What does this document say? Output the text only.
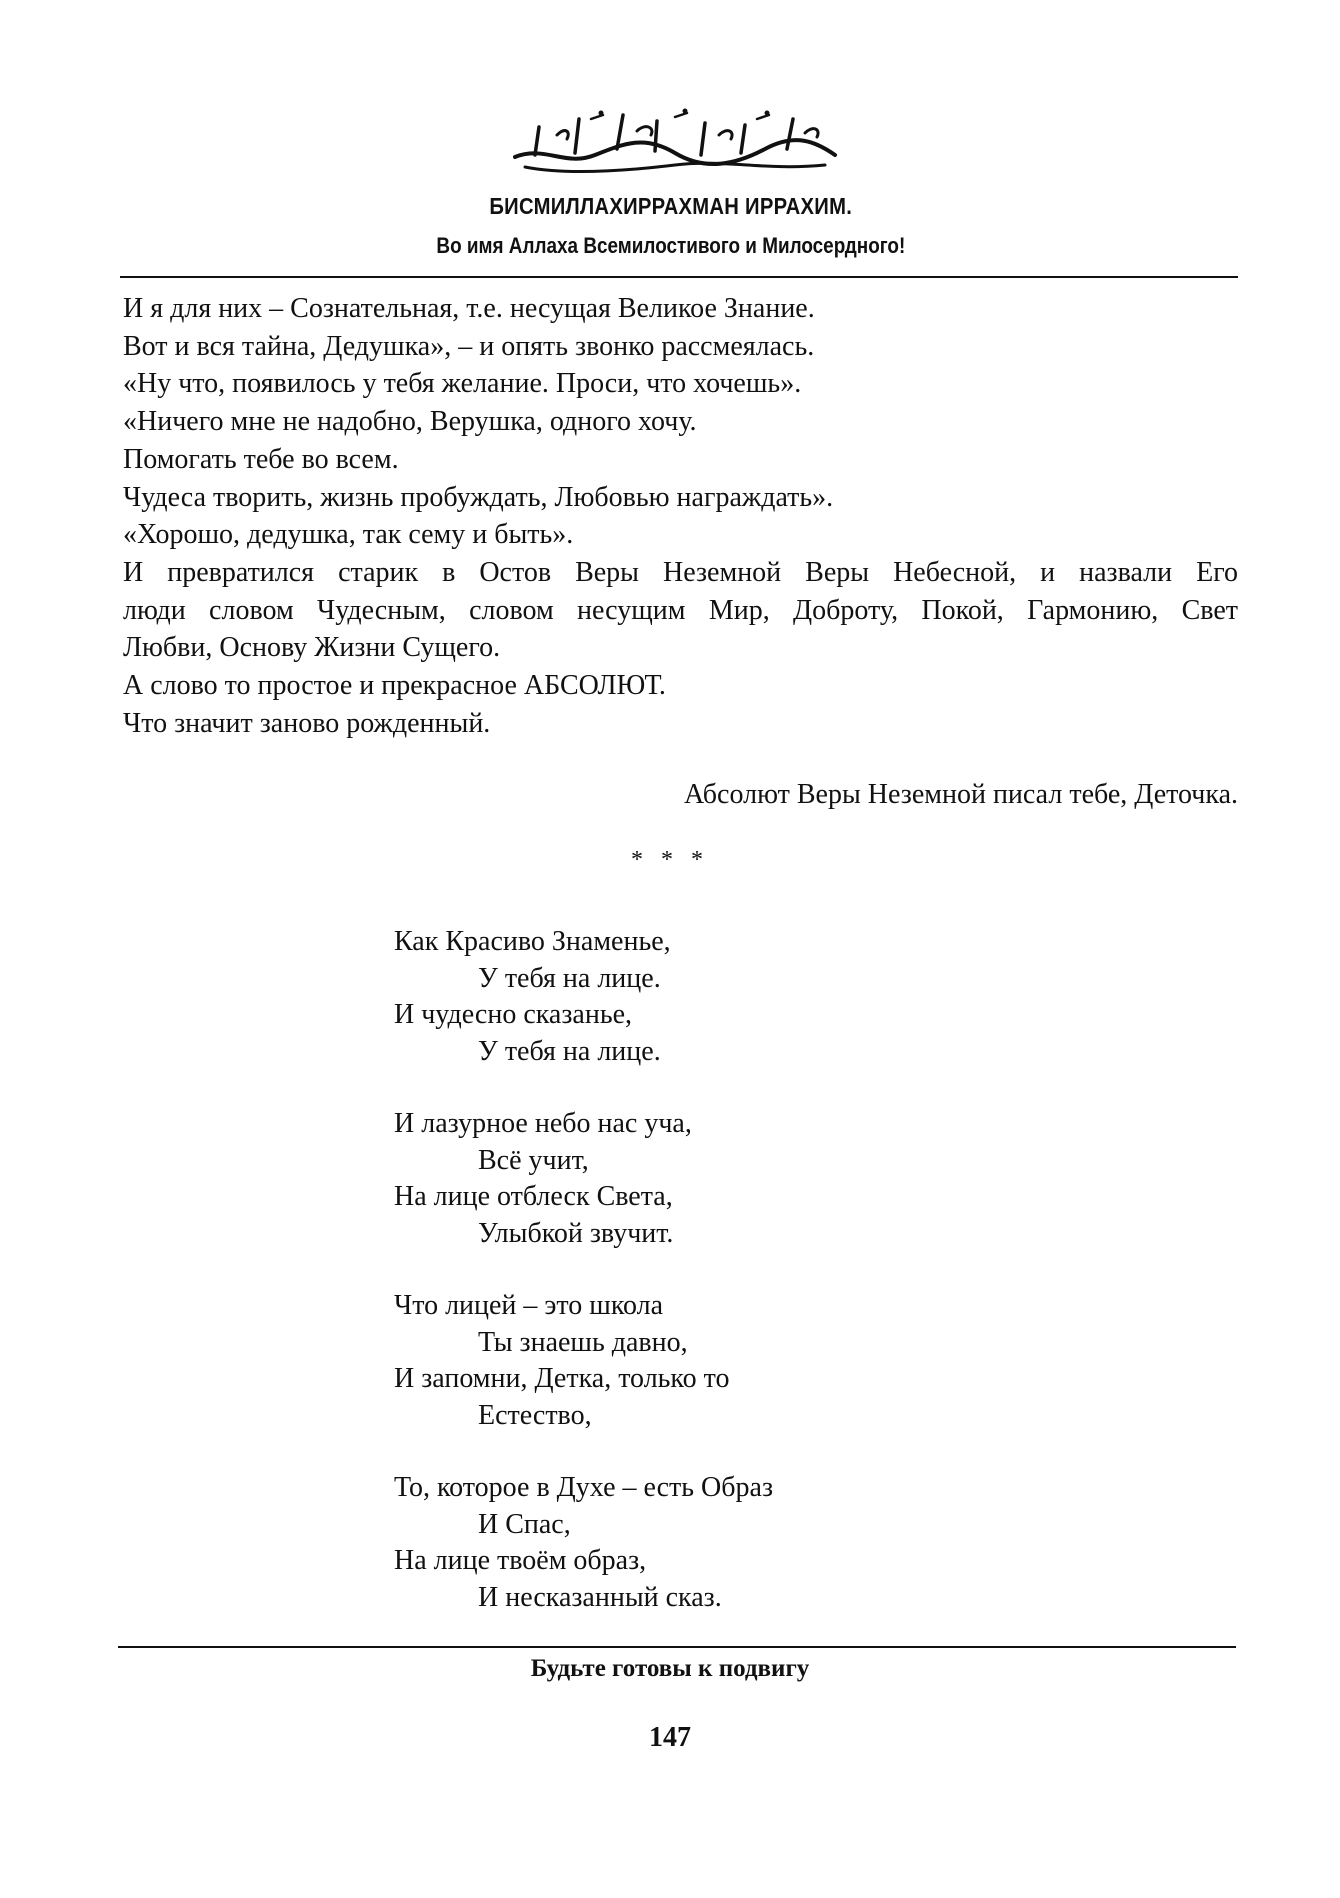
БИСМИЛЛАХИРРАХМАН ИРРАХИМ.
Во имя Аллаха Всемилостивого и Милосердного!
И я для них – Сознательная, т.е. несущая Великое Знание.
Вот и вся тайна, Дедушка», – и опять звонко рассмеялась.
«Ну что, появилось у тебя желание. Проси, что хочешь».
«Ничего мне не надобно, Верушка, одного хочу.
Помогать тебе во всем.
Чудеса творить, жизнь пробуждать, Любовью награждать».
«Хорошо, дедушка, так сему и быть».
И превратился старик в Остов Веры Неземной Веры Небесной, и назвали Его
люди словом Чудесным, словом несущим Мир, Доброту, Покой, Гармонию, Свет
Любви, Основу Жизни Сущего.
А слово то простое и прекрасное АБСОЛЮТ.
Что значит заново рожденный.
Абсолют Веры Неземной писал тебе, Деточка.
* * *
Как Красиво Знаменье,
У тебя на лице.
И чудесно сказанье,
У тебя на лице.
И лазурное небо нас уча,
Всё учит,
На лице отблеск Света,
Улыбкой звучит.
Что лицей – это школа
Ты знаешь давно,
И запомни, Детка, только то
Естество,
То, которое в Духе – есть Образ
И Спас,
На лице твоём образ,
И несказанный сказ.
Будьте готовы к подвигу
147
